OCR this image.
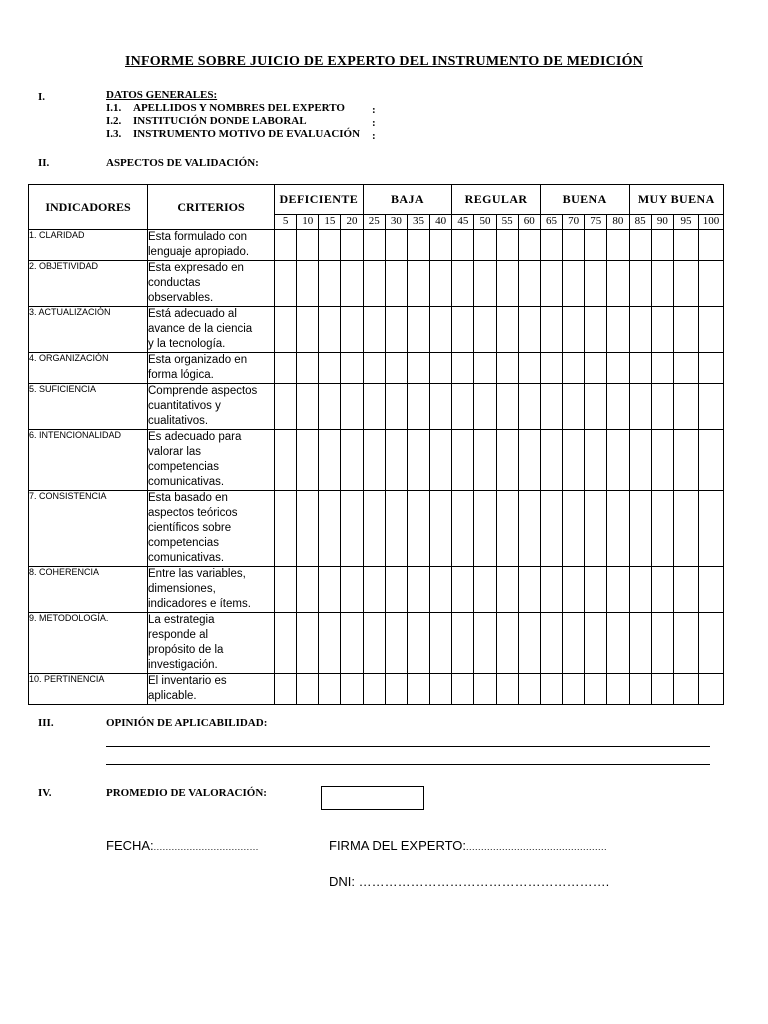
INFORME SOBRE JUICIO DE EXPERTO DEL INSTRUMENTO DE MEDICIÓN
I.	DATOS GENERALES:
I.1. APELLIDOS Y NOMBRES DEL EXPERTO :
I.2. INSTITUCIÓN DONDE LABORAL	:
I.3. INSTRUMENTO MOTIVO DE EVALUACIÓN :
II.	ASPECTOS DE VALIDACIÓN:
INDICADORES	CRITERIOS	DEFICIENTE				BAJA				REGULAR				BUENA				MUY BUENA			
		5	10	15	20	25	30	35	40	45	50	55	60	65	70	75	80	85	90	95	100
1. CLARIDAD	Esta formulado con
lenguaje apropiado.																				

2. OBJETIVIDAD	Esta expresado en
conductas
observables.																				

3. ACTUALIZACIÓN	Está adecuado al
avance de la ciencia
y la tecnología.																				

4. ORGANIZACIÓN	Esta organizado en
forma lógica.																				

5. SUFICIENCIA	Comprende aspectos
cuantitativos y
cualitativos.																				

6. INTENCIONALIDAD	Es adecuado para
valorar las
competencias
comunicativas.																				

7. CONSISTENCIA	Esta basado en
aspectos teóricos
científicos sobre
competencias
comunicativas.																				

8. COHERENCIA	Entre las variables,
dimensiones,
indicadores e ítems.																				

9. METODOLOGÍA.	La estrategia
responde al
propósito de la
investigación.																				

10. PERTINENCIA	El inventario es
aplicable.																				

III.	OPINIÓN DE APLICABILIDAD:
IV.	PROMEDIO DE VALORACIÓN:
FECHA:...................................	FIRMA DEL EXPERTO:...............................................
DNI: ………………………………………………….
